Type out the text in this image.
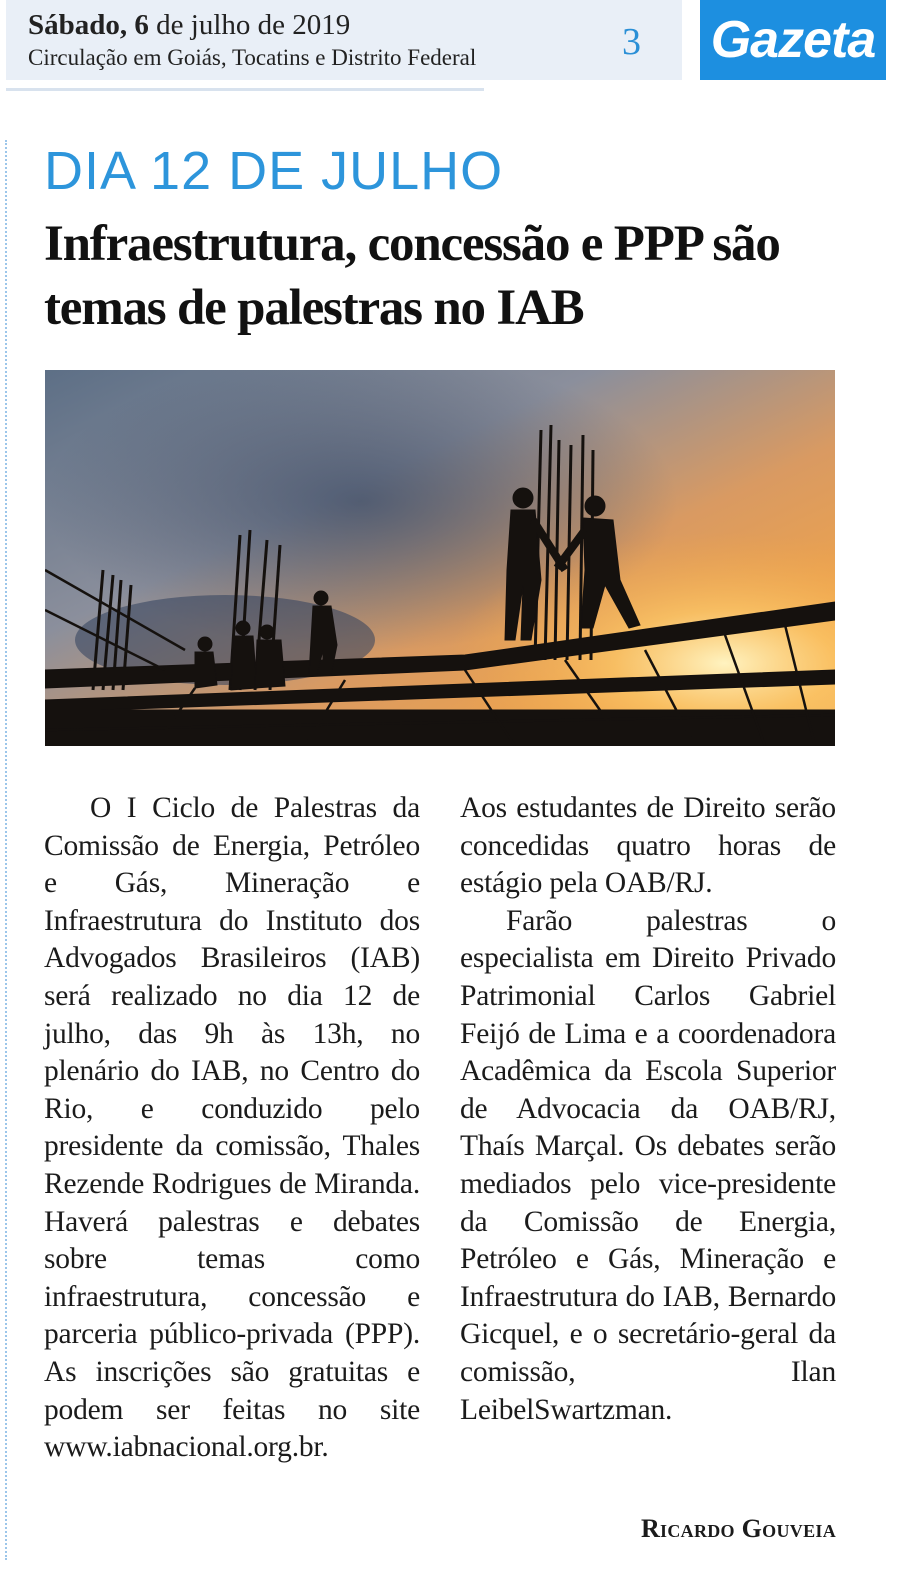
Sábado, 6 de julho de 2019
Circulação em Goiás, Tocatins e Distrito Federal	3 Gazeta
DIA 12 DE JULHO
Infraestrutura, concessão e PPP são temas de palestras no IAB

O I Ciclo de Palestras da Comissão de Energia, Petróleo e Gás, Mineração e Infraestrutura do Instituto dos Advogados Brasileiros (IAB) será realizado no dia 12 de julho, das 9h às 13h, no plenário do IAB, no Centro do Rio, e conduzido pelo presidente da comissão, Thales Rezende Rodrigues de Miranda. Haverá palestras e debates sobre temas como infraestrutura, concessão e parceria público-privada (PPP). As inscrições são gratuitas e podem ser feitas no site www.iabnacional.org.br.

Aos estudantes de Direito serão concedidas quatro horas de estágio pela OAB/RJ.

Farão palestras o especialista em Direito Privado Patrimonial Carlos Gabriel Feijó de Lima e a coordenadora Acadêmica da Escola Superior de Advocacia da OAB/RJ, Thaís Marçal. Os debates serão mediados pelo vice-presidente da Comissão de Energia, Petróleo e Gás, Mineração e Infraestrutura do IAB, Bernardo Gicquel, e o secretário-geral da comissão, Ilan LeibelSwartzman.

Ricardo Gouveia
